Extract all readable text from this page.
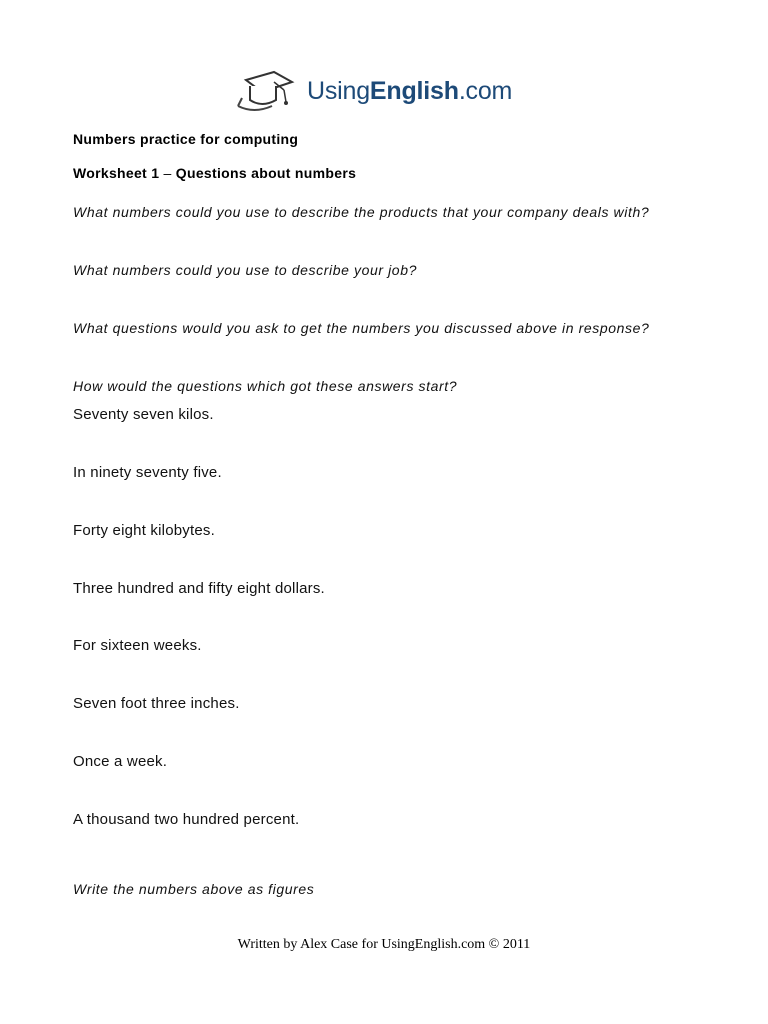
UsingEnglish.com
Numbers practice for computing
Worksheet 1 – Questions about numbers
What numbers could you use to describe the products that your company deals with?
What numbers could you use to describe your job?
What questions would you ask to get the numbers you discussed above in response?
How would the questions which got these answers start?
Seventy seven kilos.
In ninety seventy five.
Forty eight kilobytes.
Three hundred and fifty eight dollars.
For sixteen weeks.
Seven foot three inches.
Once a week.
A thousand two hundred percent.
Write the numbers above as figures
Written by Alex Case for UsingEnglish.com © 2011
